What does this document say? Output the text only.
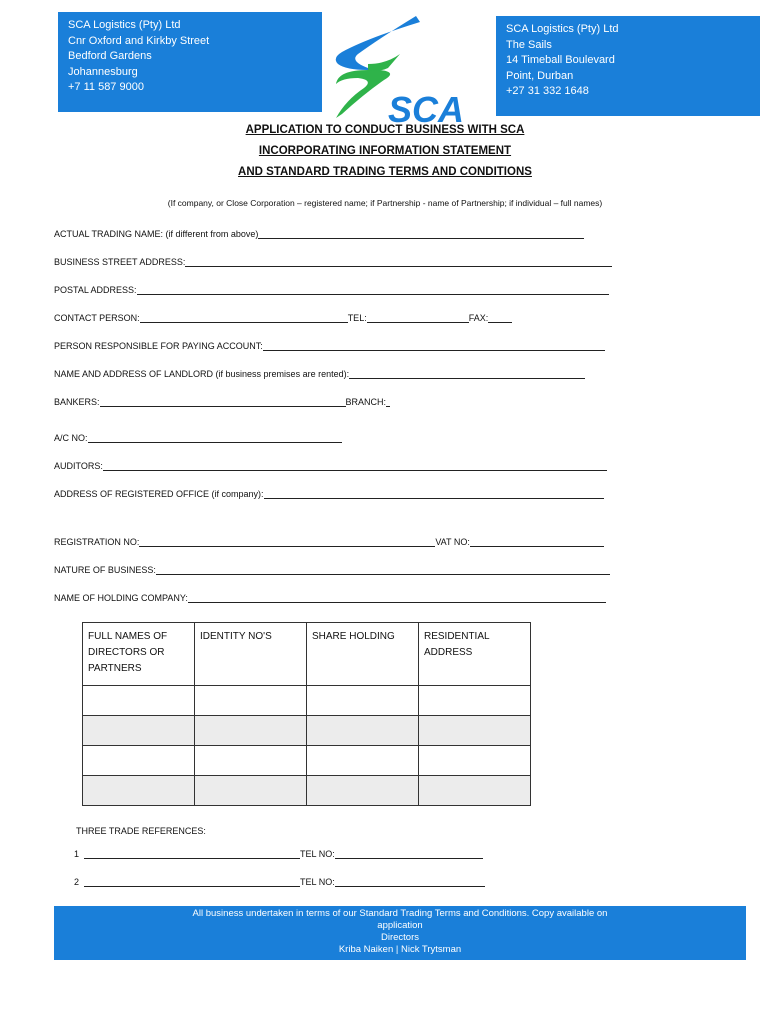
SCA Logistics (Pty) Ltd
Cnr Oxford and Kirkby Street
Bedford Gardens
Johannesburg
+7 11 587 9000
SCA Logistics (Pty) Ltd
The Sails
14 Timeball Boulevard
Point, Durban
+27 31 332 1648
SCA
APPLICATION TO CONDUCT BUSINESS WITH SCA
INCORPORATING INFORMATION STATEMENT
AND STANDARD TRADING TERMS AND CONDITIONS
(If company, or Close Corporation – registered name; if Partnership - name of Partnership; if individual – full names)
ACTUAL TRADING NAME: (if different from above)
BUSINESS STREET ADDRESS:
POSTAL ADDRESS:
CONTACT PERSON:	TEL:	FAX:
PERSON RESPONSIBLE FOR PAYING ACCOUNT:
NAME AND ADDRESS OF LANDLORD (if business premises are rented):
BANKERS:	BRANCH:
A/C NO:
AUDITORS:
ADDRESS OF REGISTERED OFFICE (if company):
REGISTRATION NO:	VAT NO:
NATURE OF BUSINESS:
NAME OF HOLDING COMPANY:
FULL NAMES OF DIRECTORS OR PARTNERS	IDENTITY NO'S	SHARE HOLDING	RESIDENTIAL ADDRESS

THREE TRADE REFERENCES:
1	TEL NO:
2	TEL NO:
All business undertaken in terms of our Standard Trading Terms and Conditions. Copy available on
application
Directors
Kriba Naiken | Nick Trytsman
